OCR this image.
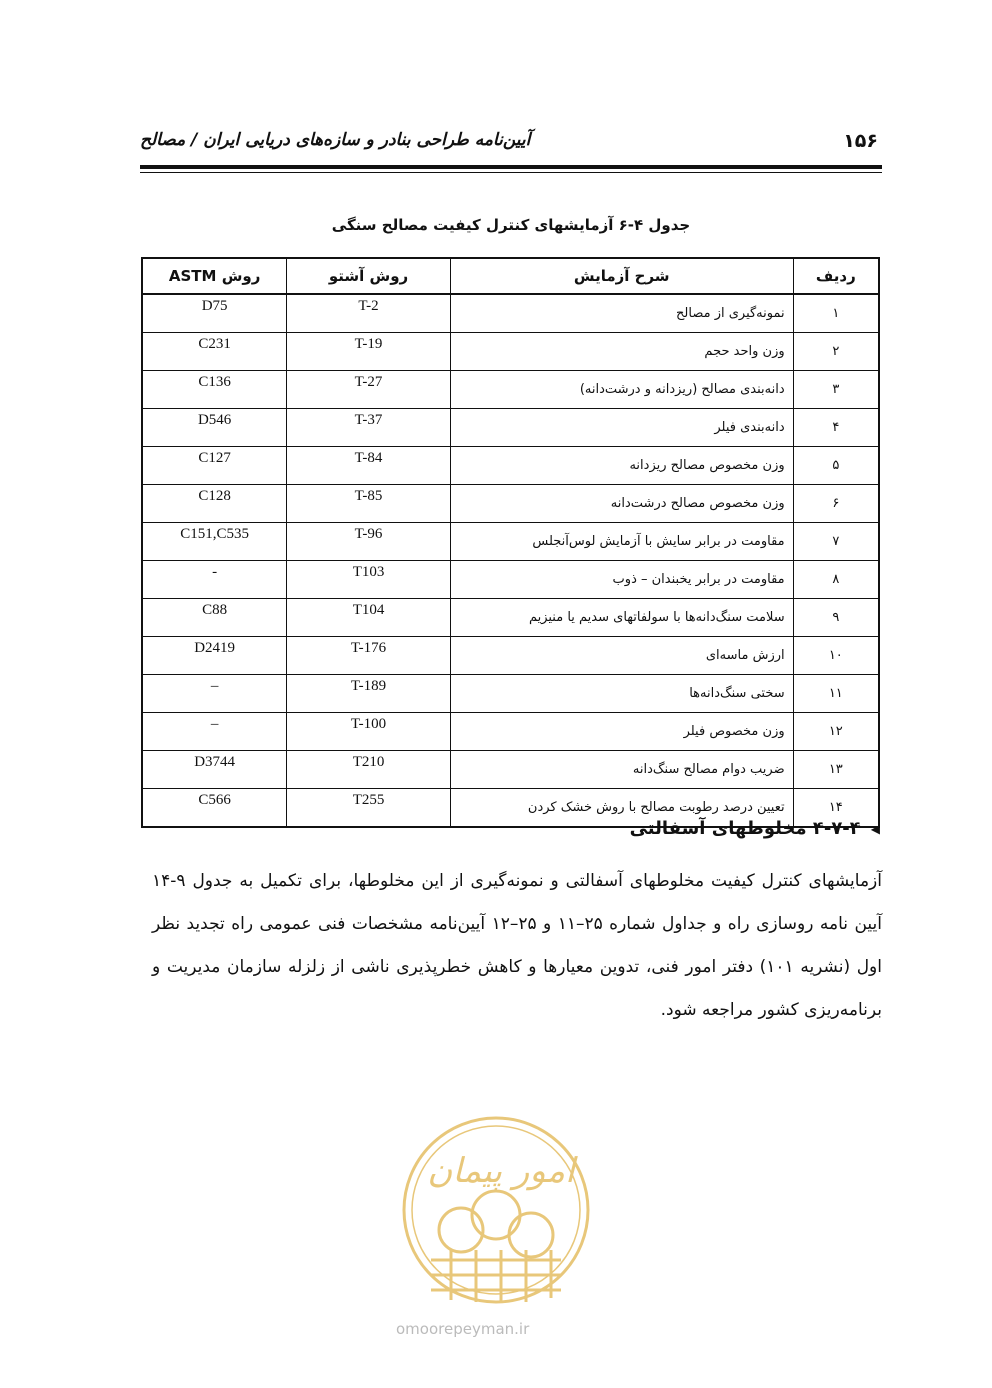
۱۵۶
آیین‌نامه طراحی بنادر و سازه‌های دریایی ایران / مصالح
جدول ۴-۶ آزمایشهای کنترل کیفیت مصالح سنگی
ردیف	شرح آزمایش	روش آشتو	روش ASTM
۱	نمونه‌گیری از مصالح	T-2	D75
۲	وزن واحد حجم	T-19	C231
۳	دانه‌بندی مصالح (ریزدانه و درشت‌دانه)	T-27	C136
۴	دانه‌بندی فیلر	T-37	D546
۵	وزن مخصوص مصالح ریزدانه	T-84	C127
۶	وزن مخصوص مصالح درشت‌دانه	T-85	C128
۷	مقاومت در برابر سایش با آزمایش لوس‌آنجلس	T-96	C151,C535
۸	مقاومت در برابر یخبندان – ذوب	T103	-
۹	سلامت سنگ‌دانه‌ها با سولفاتهای سدیم یا منیزیم	T104	C88
۱۰	ارزش ماسه‌ای	T-176	D2419
۱۱	سختی سنگ‌دانه‌ها	T-189	–
۱۲	وزن مخصوص فیلر	T-100	–
۱۳	ضریب دوام مصالح سنگ‌دانه	T210	D3744
۱۴	تعیین درصد رطوبت مصالح با روش خشک کردن	T255	C566
◀
۴-۷-۴ مخلوطهای آسفالتی
آزمایشهای کنترل کیفیت مخلوطهای آسفالتی و نمونه‌گیری از این مخلوطها، برای تکمیل به جدول ۹-۱۴ آیین نامه روسازی راه و جداول شماره ۲۵–۱۱ و ۲۵–۱۲ آیین‌نامه مشخصات فنی عمومی راه تجدید نظر اول (نشریه ۱۰۱) دفتر امور فنی، تدوین معیارها و کاهش خطرپذیری ناشی از زلزله سازمان مدیریت و برنامه‌ریزی کشور مراجعه شود.
امور پیمان
omoorepeyman.ir
